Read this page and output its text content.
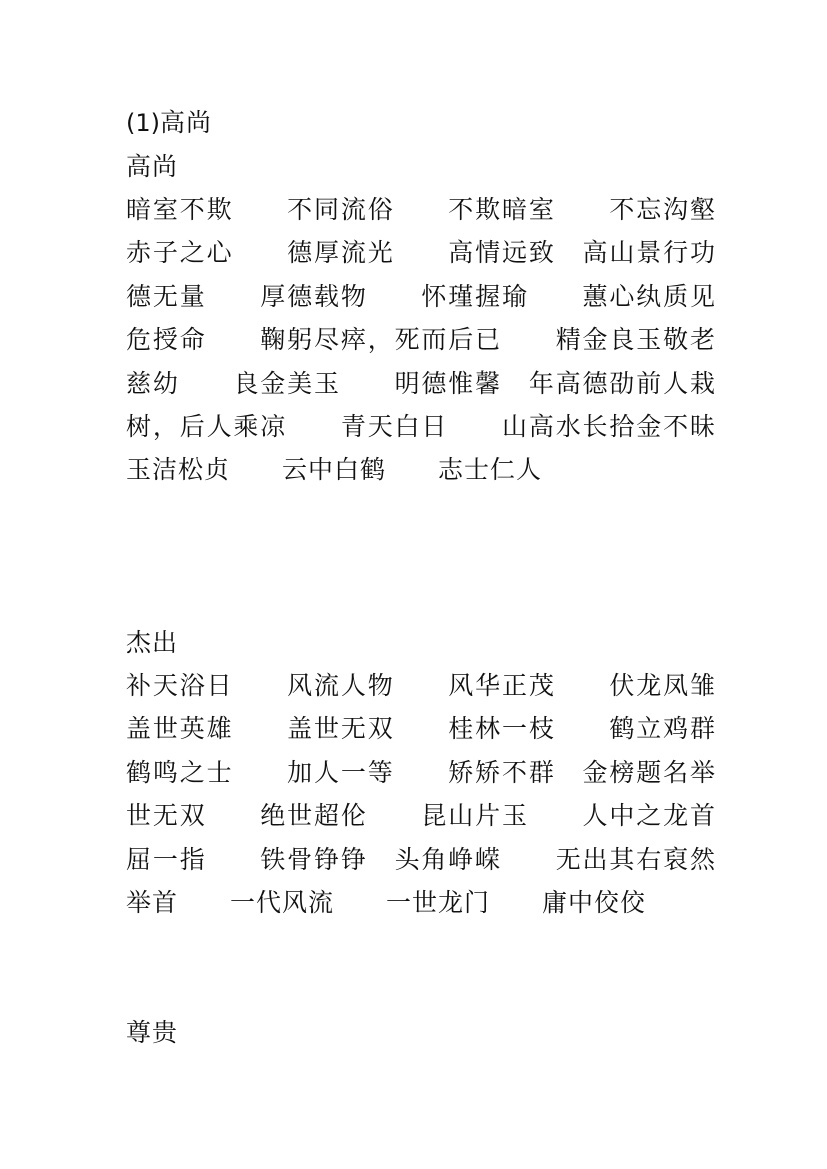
(1)高尚
高尚
暗室不欺　　不同流俗　　不欺暗室　　不忘沟壑赤子之心　　德厚流光　　高情远致　高山景行功德无量　　厚德载物　　怀瑾握瑜　　蕙心纨质见危授命　　鞠躬尽瘁，死而后已　　精金良玉敬老慈幼　　良金美玉　　明德惟馨　年高德劭前人栽树，后人乘凉　　青天白日　　山高水长拾金不昧　　玉洁松贞　　云中白鹤　　志士仁人
杰出
补天浴日　　风流人物　　风华正茂　　伏龙凤雏盖世英雄　　盖世无双　　桂林一枝　　鹤立鸡群鹤鸣之士　　加人一等　　矫矫不群　金榜题名举世无双　　绝世超伦　　昆山片玉　　人中之龙首屈一指　　铁骨铮铮　头角峥嵘　　无出其右裒然举首　　一代风流　　一世龙门　　庸中佼佼
尊贵
